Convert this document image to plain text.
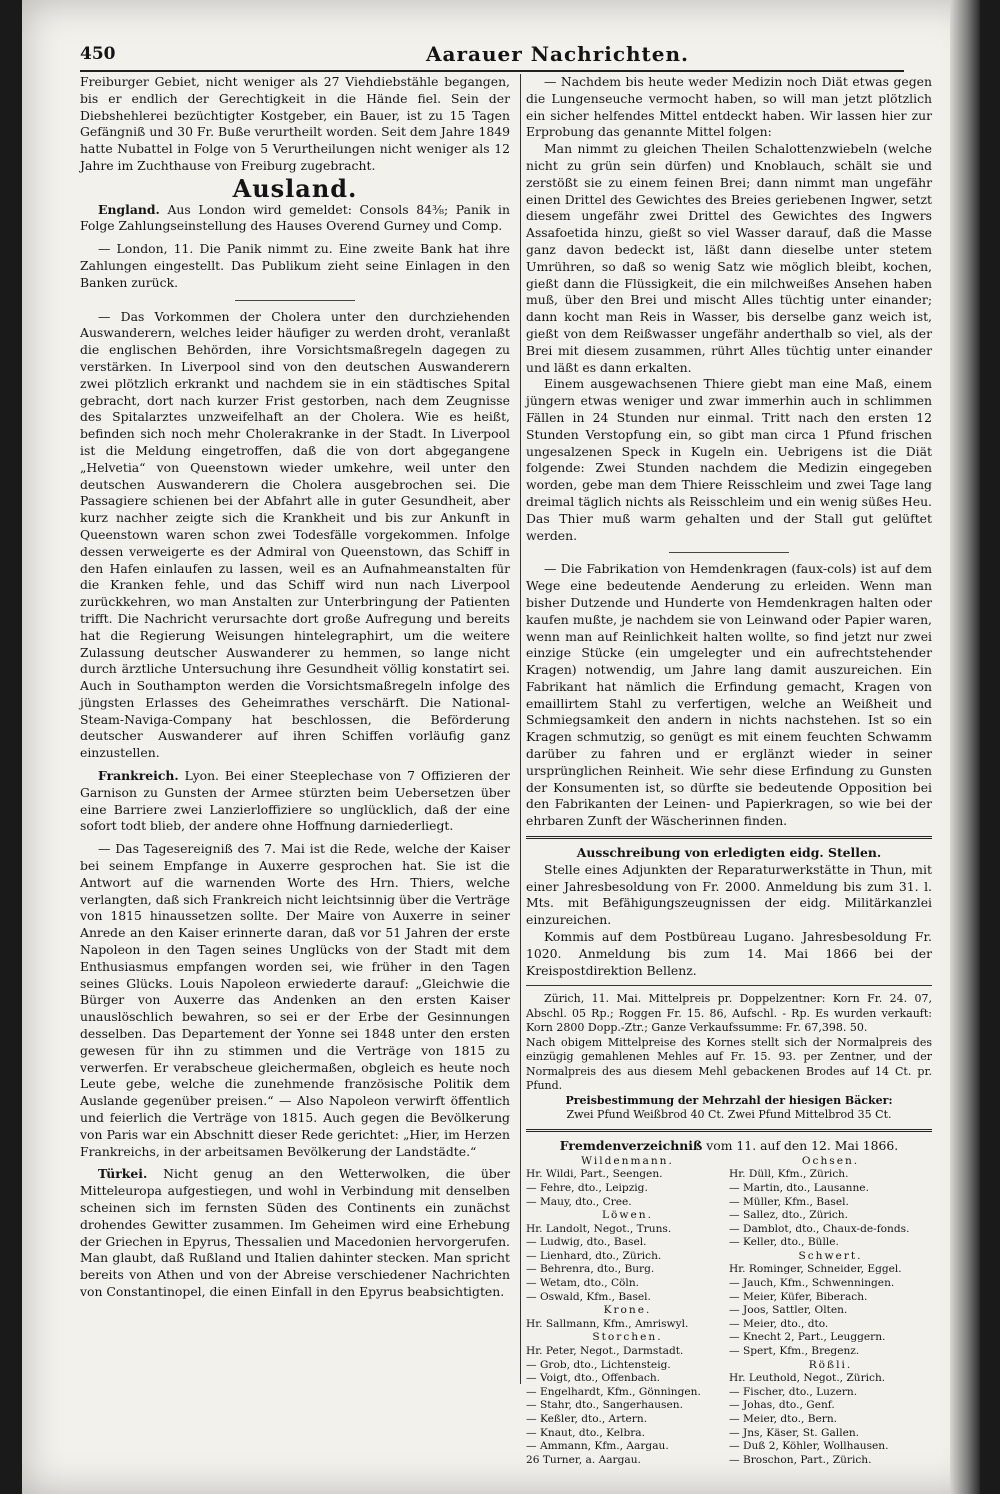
450	Aarauer Nachrichten.

Freiburger Gebiet, nicht weniger als 27 Viehdiebstähle begangen, bis er endlich der Gerechtigkeit in die Hände fiel. Sein der Diebshehlerei bezüchtigter Kostgeber, ein Bauer, ist zu 15 Tagen Gefängniß und 30 Fr. Buße verurtheilt worden. Seit dem Jahre 1849 hatte Nubattel in Folge von 5 Verurtheilungen nicht weniger als 12 Jahre im Zuchthause von Freiburg zugebracht.

Ausland.

England. Aus London wird gemeldet: Consols 84⅜; Panik in Folge Zahlungseinstellung des Hauses Overend Gurney und Comp.

— London, 11. Die Panik nimmt zu. Eine zweite Bank hat ihre Zahlungen eingestellt. Das Publikum zieht seine Einlagen in den Banken zurück.

— Das Vorkommen der Cholera unter den durchziehenden Auswanderern, welches leider häufiger zu werden droht, veranlaßt die englischen Behörden, ihre Vorsichtsmaßregeln dagegen zu verstärken. In Liverpool sind von den deutschen Auswanderern zwei plötzlich erkrankt und nachdem sie in ein städtisches Spital gebracht, dort nach kurzer Frist gestorben, nach dem Zeugnisse des Spitalarztes unzweifelhaft an der Cholera. Wie es heißt, befinden sich noch mehr Cholerakranke in der Stadt. In Liverpool ist die Meldung eingetroffen, daß die von dort abgegangene „Helvetia“ von Queenstown wieder umkehre, weil unter den deutschen Auswanderern die Cholera ausgebrochen sei. Die Passagiere schienen bei der Abfahrt alle in guter Gesundheit, aber kurz nachher zeigte sich die Krankheit und bis zur Ankunft in Queenstown waren schon zwei Todesfälle vorgekommen. Infolge dessen verweigerte es der Admiral von Queenstown, das Schiff in den Hafen einlaufen zu lassen, weil es an Aufnahmeanstalten für die Kranken fehle, und das Schiff wird nun nach Liverpool zurückkehren, wo man Anstalten zur Unterbringung der Patienten trifft. Die Nachricht verursachte dort große Aufregung und bereits hat die Regierung Weisungen hintelegraphirt, um die weitere Zulassung deutscher Auswanderer zu hemmen, so lange nicht durch ärztliche Untersuchung ihre Gesundheit völlig konstatirt sei. Auch in Southampton werden die Vorsichtsmaßregeln infolge des jüngsten Erlasses des Geheimrathes verschärft. Die National-Steam-Naviga-Company hat beschlossen, die Beförderung deutscher Auswanderer auf ihren Schiffen vorläufig ganz einzustellen.

Frankreich. Lyon. Bei einer Steeplechase von 7 Offizieren der Garnison zu Gunsten der Armee stürzten beim Uebersetzen über eine Barriere zwei Lanzierloffiziere so unglücklich, daß der eine sofort todt blieb, der andere ohne Hoffnung darniederliegt.

— Das Tagesereigniß des 7. Mai ist die Rede, welche der Kaiser bei seinem Empfange in Auxerre gesprochen hat. Sie ist die Antwort auf die warnenden Worte des Hrn. Thiers, welche verlangten, daß sich Frankreich nicht leichtsinnig über die Verträge von 1815 hinaussetzen sollte. Der Maire von Auxerre in seiner Anrede an den Kaiser erinnerte daran, daß vor 51 Jahren der erste Napoleon in den Tagen seines Unglücks von der Stadt mit dem Enthusiasmus empfangen worden sei, wie früher in den Tagen seines Glücks. Louis Napoleon erwiederte darauf: „Gleichwie die Bürger von Auxerre das Andenken an den ersten Kaiser unauslöschlich bewahren, so sei er der Erbe der Gesinnungen desselben. Das Departement der Yonne sei 1848 unter den ersten gewesen für ihn zu stimmen und die Verträge von 1815 zu verwerfen. Er verabscheue gleichermaßen, obgleich es heute noch Leute gebe, welche die zunehmende französische Politik dem Auslande gegenüber preisen.“ — Also Napoleon verwirft öffentlich und feierlich die Verträge von 1815. Auch gegen die Bevölkerung von Paris war ein Abschnitt dieser Rede gerichtet: „Hier, im Herzen Frankreichs, in der arbeitsamen Bevölkerung der Landstädte.“

Türkei. Nicht genug an den Wetterwolken, die über Mitteleuropa aufgestiegen, und wohl in Verbindung mit denselben scheinen sich im fernsten Süden des Continents ein zunächst drohendes Gewitter zusammen. Im Geheimen wird eine Erhebung der Griechen in Epyrus, Thessalien und Macedonien hervorgerufen. Man glaubt, daß Rußland und Italien dahinter stecken. Man spricht bereits von Athen und von der Abreise verschiedener Nachrichten von Constantinopel, die einen Einfall in den Epyrus beabsichtigten.

— Nachdem bis heute weder Medizin noch Diät etwas gegen die Lungenseuche vermocht haben, so will man jetzt plötzlich ein sicher helfendes Mittel entdeckt haben. Wir lassen hier zur Erprobung das genannte Mittel folgen:

Man nimmt zu gleichen Theilen Schalottenzwiebeln (welche nicht zu grün sein dürfen) und Knoblauch, schält sie und zerstößt sie zu einem feinen Brei; dann nimmt man ungefähr einen Drittel des Gewichtes des Breies geriebenen Ingwer, setzt diesem ungefähr zwei Drittel des Gewichtes des Ingwers Assafoetida hinzu, gießt so viel Wasser darauf, daß die Masse ganz davon bedeckt ist, läßt dann dieselbe unter stetem Umrühren, so daß so wenig Satz wie möglich bleibt, kochen, gießt dann die Flüssigkeit, die ein milchweißes Ansehen haben muß, über den Brei und mischt Alles tüchtig unter einander; dann kocht man Reis in Wasser, bis derselbe ganz weich ist, gießt von dem Reißwasser ungefähr anderthalb so viel, als der Brei mit diesem zusammen, rührt Alles tüchtig unter einander und läßt es dann erkalten.

Einem ausgewachsenen Thiere giebt man eine Maß, einem jüngern etwas weniger und zwar immerhin auch in schlimmen Fällen in 24 Stunden nur einmal. Tritt nach den ersten 12 Stunden Verstopfung ein, so gibt man circa 1 Pfund frischen ungesalzenen Speck in Kugeln ein. Uebrigens ist die Diät folgende: Zwei Stunden nachdem die Medizin eingegeben worden, gebe man dem Thiere Reisschleim und zwei Tage lang dreimal täglich nichts als Reisschleim und ein wenig süßes Heu. Das Thier muß warm gehalten und der Stall gut gelüftet werden.

— Die Fabrikation von Hemdenkragen (faux-cols) ist auf dem Wege eine bedeutende Aenderung zu erleiden. Wenn man bisher Dutzende und Hunderte von Hemdenkragen halten oder kaufen mußte, je nachdem sie von Leinwand oder Papier waren, wenn man auf Reinlichkeit halten wollte, so find jetzt nur zwei einzige Stücke (ein umgelegter und ein aufrechtstehender Kragen) notwendig, um Jahre lang damit auszureichen. Ein Fabrikant hat nämlich die Erfindung gemacht, Kragen von emaillirtem Stahl zu verfertigen, welche an Weißheit und Schmiegsamkeit den andern in nichts nachstehen. Ist so ein Kragen schmutzig, so genügt es mit einem feuchten Schwamm darüber zu fahren und er erglänzt wieder in seiner ursprünglichen Reinheit. Wie sehr diese Erfindung zu Gunsten der Konsumenten ist, so dürfte sie bedeutende Opposition bei den Fabrikanten der Leinen- und Papierkragen, so wie bei der ehrbaren Zunft der Wäscherinnen finden.

Ausschreibung von erledigten eidg. Stellen.

Stelle eines Adjunkten der Reparaturwerkstätte in Thun, mit einer Jahresbesoldung von Fr. 2000. Anmeldung bis zum 31. l. Mts. mit Befähigungszeugnissen der eidg. Militärkanzlei einzureichen.

Kommis auf dem Postbüreau Lugano. Jahresbesoldung Fr. 1020. Anmeldung bis zum 14. Mai 1866 bei der Kreispostdirektion Bellenz.

Zürich, 11. Mai. Mittelpreis pr. Doppelzentner: Korn Fr. 24. 07, Abschl. 05 Rp.; Roggen Fr. 15. 86, Aufschl. - Rp. Es wurden verkauft: Korn 2800 Dopp.-Ztr.; Ganze Verkaufssumme: Fr. 67,398. 50.

Nach obigem Mittelpreise des Kornes stellt sich der Normalpreis des einzügig gemahlenen Mehles auf Fr. 15. 93. per Zentner, und der Normalpreis des aus diesem Mehl gebackenen Brodes auf 14 Ct. pr. Pfund.

Preisbestimmung der Mehrzahl der hiesigen Bäcker:

Zwei Pfund Weißbrod 40 Ct. Zwei Pfund Mittelbrod 35 Ct.

Fremdenverzeichniß vom 11. auf den 12. Mai 1866.

Wildenmann.
Hr. Wildi, Part., Seengen.
— Fehre, dto., Leipzig.
— Mauy, dto., Cree.
Löwen.
Hr. Landolt, Negot., Truns.
— Ludwig, dto., Basel.
— Lienhard, dto., Zürich.
— Behrenra, dto., Burg.
— Wetam, dto., Cöln.
— Oswald, Kfm., Basel.
Krone.
Hr. Sallmann, Kfm., Amriswyl.
Storchen.
Hr. Peter, Negot., Darmstadt.
— Grob, dto., Lichtensteig.
— Voigt, dto., Offenbach.
— Engelhardt, Kfm., Gönningen.
— Stahr, dto., Sangerhausen.
— Keßler, dto., Artern.
— Knaut, dto., Kelbra.
— Ammann, Kfm., Aargau.
26 Turner, a. Aargau.

Ochsen.
Hr. Düll, Kfm., Zürich.
— Martin, dto., Lausanne.
— Müller, Kfm., Basel.
— Sallez, dto., Zürich.
— Damblot, dto., Chaux-de-fonds.
— Keller, dto., Bülle.
Schwert.
Hr. Rominger, Schneider, Eggel.
— Jauch, Kfm., Schwenningen.
— Meier, Küfer, Biberach.
— Joos, Sattler, Olten.
— Meier, dto., dto.
— Knecht 2, Part., Leuggern.
— Spert, Kfm., Bregenz.
Rößli.
Hr. Leuthold, Negot., Zürich.
— Fischer, dto., Luzern.
— Johas, dto., Genf.
— Meier, dto., Bern.
— Jns, Käser, St. Gallen.
— Duß 2, Köhler, Wollhausen.
— Broschon, Part., Zürich.
